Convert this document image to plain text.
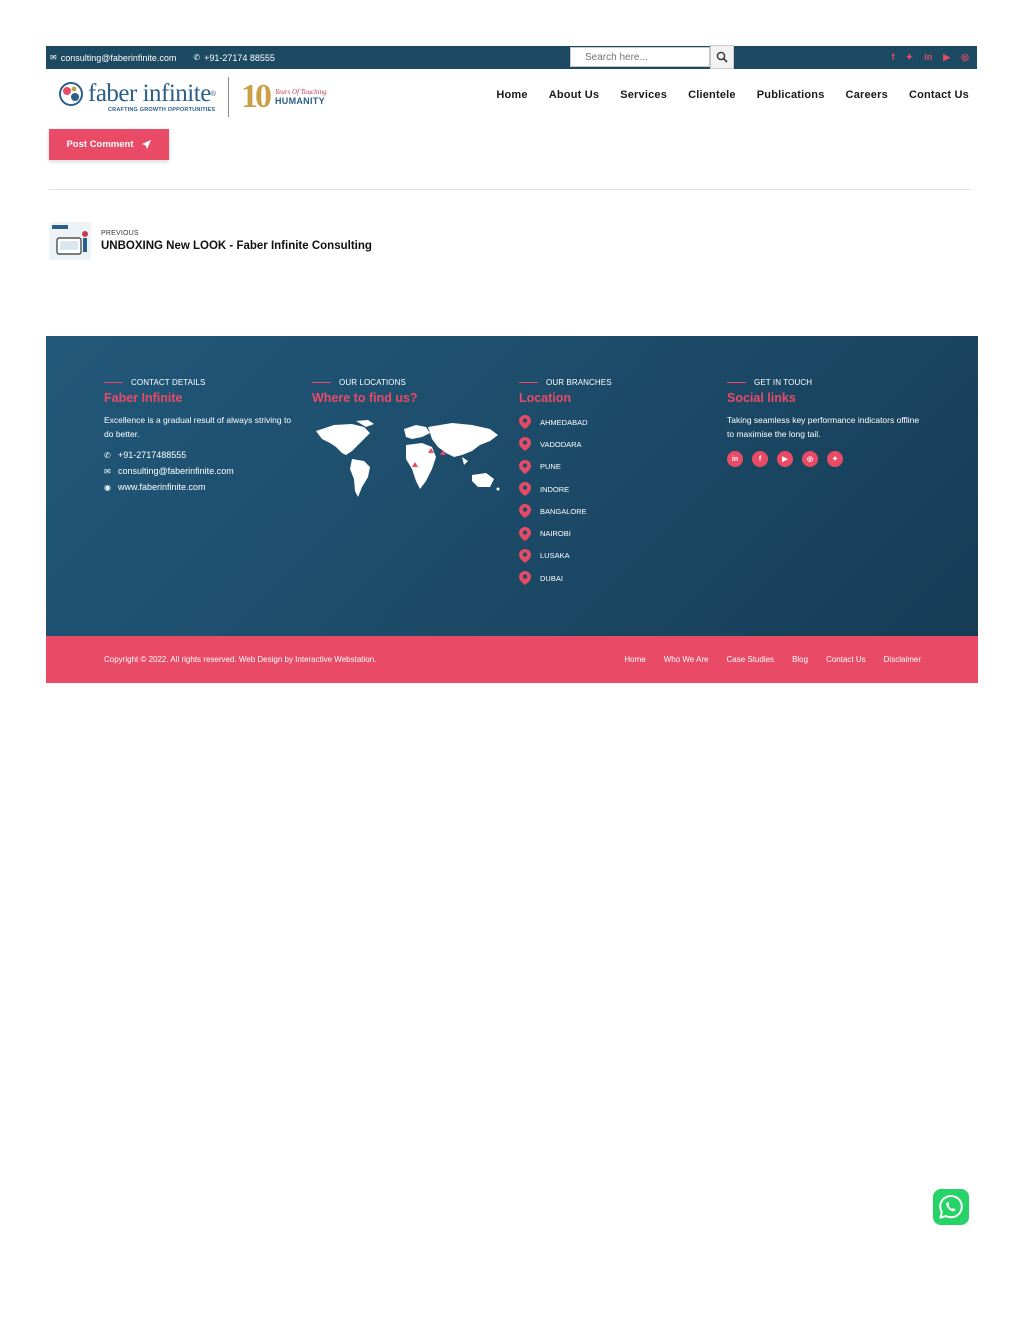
✉ consulting@faberinfinite.com ✆ +91-27174 88555
Search here...	f ✦ in ▶ ◎
faber infinite ®
CRAFTING GROWTH OPPORTUNITIES 10 Years Of Touching
HUMANITY	Home About Us Services Clientele Publications Careers Contact Us
Post Comment
PREVIOUS
UNBOXING New LOOK - Faber Infinite Consulting
CONTACT DETAILS
Faber Infinite
Excellence is a gradual result of always striving to do better.
✆ +91-2717488555
✉ consulting@faberinfinite.com
◉ www.faberinfinite.com
OUR LOCATIONS
Where to find us?
OUR BRANCHES
Location
AHMEDABAD
VADODARA
PUNE
INDORE
BANGALORE
NAIROBI
LUSAKA
DUBAI
GET IN TOUCH
Social links
Taking seamless key performance indicators offline to maximise the long tail.
in	f	▶	◎	✦
Copyright © 2022. All rights reserved. Web Design by Interactive Webstation.	Home Who We Are Case Studies Blog Contact Us Disclaimer
